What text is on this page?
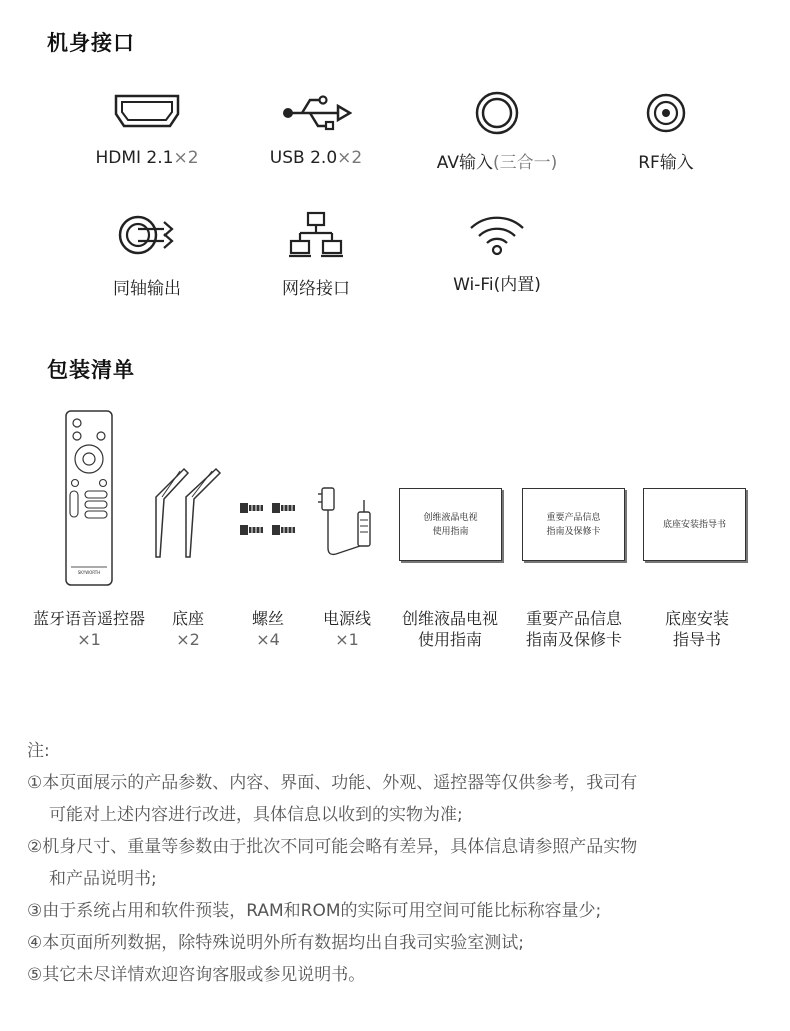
机身接口
HDMI 2.1×2	USB 2.0×2	AV输入(三合一)	RF输入
同轴输出	网络接口	Wi-Fi(内置)
包装清单
SKYWORTH
创维液晶电视
使用指南
重要产品信息
指南及保修卡
底座安装指导书
蓝牙语音遥控器
×1
底座
×2
螺丝
×4
电源线
×1
创维液晶电视
使用指南
重要产品信息
指南及保修卡
底座安装
指导书

注:

①本页面展示的产品参数、内容、界面、功能、外观、遥控器等仅供参考，我司有

可能对上述内容进行改进，具体信息以收到的实物为准;

②机身尺寸、重量等参数由于批次不同可能会略有差异，具体信息请参照产品实物

和产品说明书;

③由于系统占用和软件预装，RAM和ROM的实际可用空间可能比标称容量少;

④本页面所列数据，除特殊说明外所有数据均出自我司实验室测试;

⑤其它未尽详情欢迎咨询客服或参见说明书。
